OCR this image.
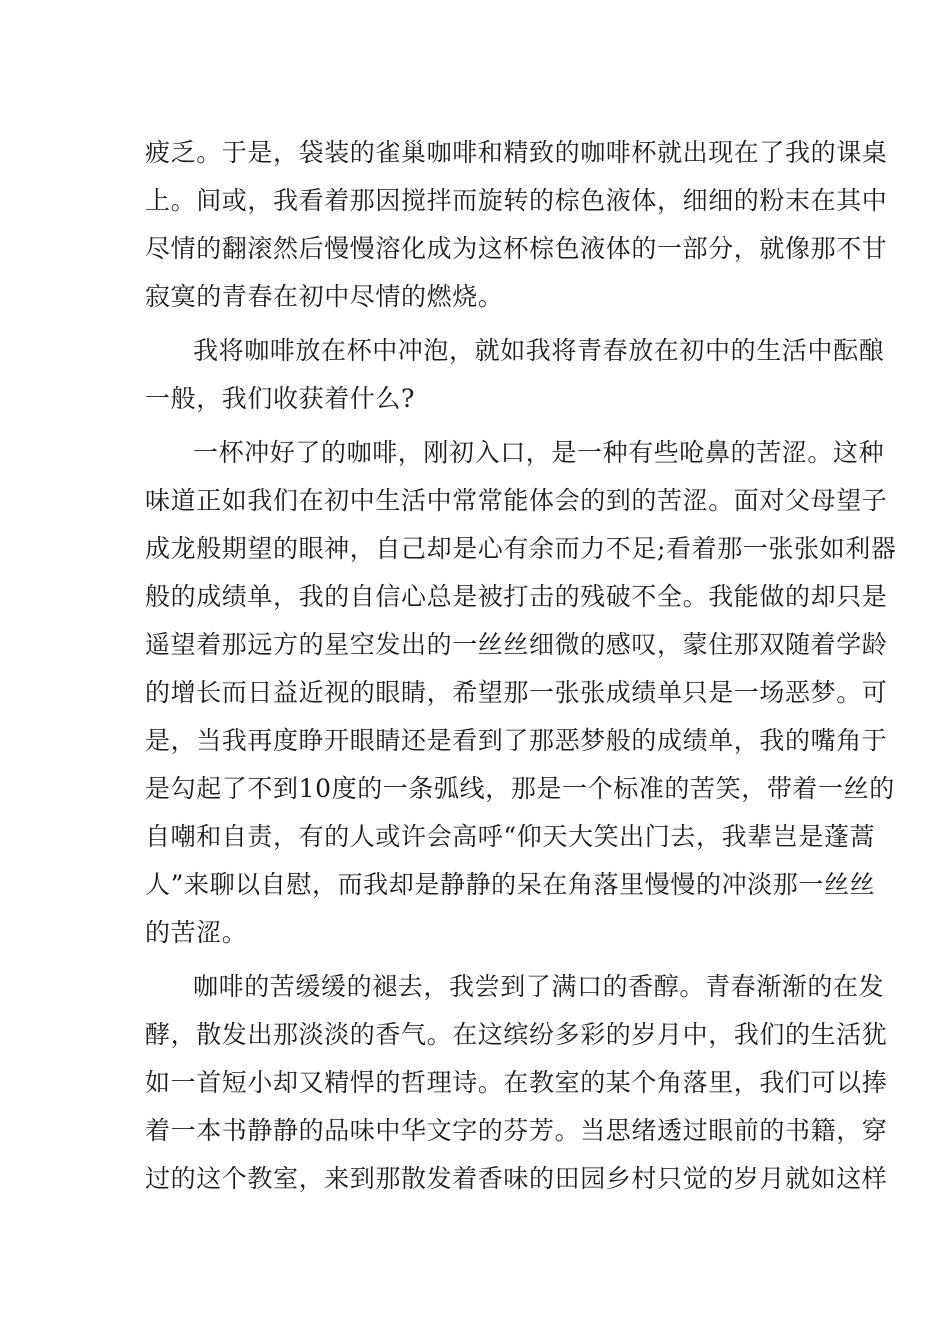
疲乏。于是，袋装的雀巢咖啡和精致的咖啡杯就出现在了我的课桌
上。间或，我看着那因搅拌而旋转的棕色液体，细细的粉末在其中
尽情的翻滚然后慢慢溶化成为这杯棕色液体的一部分，就像那不甘
寂寞的青春在初中尽情的燃烧。
我将咖啡放在杯中冲泡，就如我将青春放在初中的生活中酝酿
一般，我们收获着什么?
一杯冲好了的咖啡，刚初入口，是一种有些呛鼻的苦涩。这种
味道正如我们在初中生活中常常能体会的到的苦涩。面对父母望子
成龙般期望的眼神，自己却是心有余而力不足;看着那一张张如利器
般的成绩单，我的自信心总是被打击的残破不全。我能做的却只是
遥望着那远方的星空发出的一丝丝细微的感叹，蒙住那双随着学龄
的增长而日益近视的眼睛，希望那一张张成绩单只是一场恶梦。可
是，当我再度睁开眼睛还是看到了那恶梦般的成绩单，我的嘴角于
是勾起了不到10度的一条弧线，那是一个标准的苦笑，带着一丝的
自嘲和自责，有的人或许会高呼“仰天大笑出门去，我辈岂是蓬蒿
人”来聊以自慰，而我却是静静的呆在角落里慢慢的冲淡那一丝丝
的苦涩。
咖啡的苦缓缓的褪去，我尝到了满口的香醇。青春渐渐的在发
酵，散发出那淡淡的香气。在这缤纷多彩的岁月中，我们的生活犹
如一首短小却又精悍的哲理诗。在教室的某个角落里，我们可以捧
着一本书静静的品味中华文字的芬芳。当思绪透过眼前的书籍，穿
过的这个教室，来到那散发着香味的田园乡村只觉的岁月就如这样
